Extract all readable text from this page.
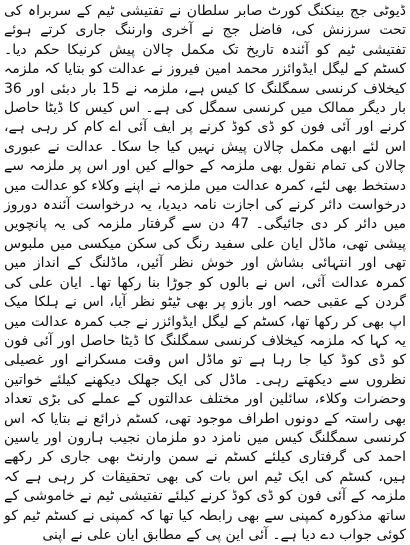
ڈیوٹی جج بینکنگ کورٹ صابر سلطان نے تفتیشی ٹیم کے سربراہ کی تحت سرزنش کی، فاضل جج نے آخری وارننگ جاری کرتے ہوئے تفتیشی ٹیم کو آئندہ تاریخ تک مکمل چالان پیش کرنیکا حکم دیا۔ کسٹم کے لیگل ایڈوائزر محمد امین فیروز نے عدالت کو بتایا کہ ملزمہ کیخلاف کرنسی سمگلنگ کا کیس ہے، ملزمہ نے 15 بار دبئی اور 36 بار دیگر ممالک میں کرنسی سمگل کی ہے۔ اس کیس کا ڈیٹا حاصل کرنے اور آئی فون کو ڈی کوڈ کرنے پر ایف آئی اے کام کر رہی ہے، اس لئے ابھی مکمل چالان پیش نہیں کیا جا سکا۔ عدالت نے عبوری چالان کی تمام نقول بھی ملزمہ کے حوالے کیں اور اس پر ملزمہ سے دستخط بھی لئے، کمرہ عدالت میں ملزمہ نے اپنے وکلاء کو عدالت میں درخواست دائر کرنے کی اجازت نامہ دیدیا، یہ درخواست آئندہ دوروز میں دائر کر دی جائیگی۔ 47 دن سے گرفتار ملزمہ کی یہ پانچویں پیشی تھی، ماڈل ایان علی سفید رنگ کی سکن میکسی میں ملبوس تھی اور انتہائی بشاش اور خوش نظر آئیں، ماڈلنگ کے انداز میں کمرہ عدالت آئی، اس نے بالوں کو جوڑا بنا رکھا تھا۔ ایان علی کی گردن کے عقبی حصہ اور بازو پر بھی ٹیٹو نظر آیا، اس نے ہلکا میک اپ بھی کر رکھا تھا، کسٹم کے لیگل ایڈوائزر نے جب کمرہ عدالت میں یہ کہا کہ ملزمہ کیخلاف کرنسی سمگلنگ کا ڈیٹا حاصل اور آئی فون کو ڈی کوڈ کیا جا رہا ہے تو ماڈل اس وقت مسکرانے اور غصیلی نظروں سے دیکھتے رہی۔ ماڈل کی ایک جھلک دیکھنے کیلئے خواتین وحضرات وکلاء، سائلین اور مختلف عدالتوں کے عملے کی بڑی تعداد بھی راستہ کے دونوں اطراف موجود تھی، کسٹم ذرائع نے بتایا کہ اس کرنسی سمگلنگ کیس میں نامزد دو ملزمان نجیب ہارون اور یاسین احمد کی گرفتاری کیلئے کسٹم نے سمن وارنٹ بھی جاری کر رکھے ہیں، کسٹم کی ایک ٹیم اس بات کی بھی تحقیقات کر رہی ہے کہ ملزمہ کے آئی فون کو ڈی کوڈ کرنے کیلئے تفتیشی ٹیم نے خاموشی کے ساتھ مذکورہ کمپنی سے بھی رابطہ کیا تھا کہ کمپنی نے کسٹم ٹیم کو کوئی جواب دے دیا ہے۔ آئی این پی کے مطابق ایان علی نے اپنی
